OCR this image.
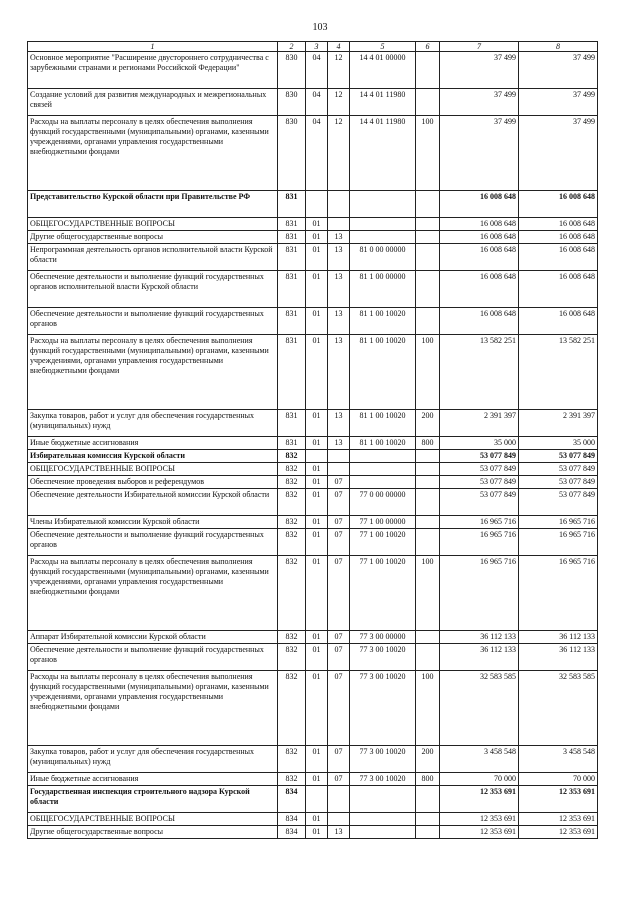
103
1	2	3	4	5	6	7	8
Основное мероприятие "Расширение двустороннего сотрудничества с зарубежными странами и регионами Российской Федерации"	830	04	12	14 4 01 00000		37 499	37 499
Создание условий для развития международных и межрегиональных связей	830	04	12	14 4 01 11980		37 499	37 499
Расходы на выплаты персоналу в целях обеспечения выполнения функций государственными (муниципальными) органами, казенными учреждениями, органами управления государственными внебюджетными фондами	830	04	12	14 4 01 11980	100	37 499	37 499
Представительство Курской области при Правительстве РФ	831					16 008 648	16 008 648
ОБЩЕГОСУДАРСТВЕННЫЕ ВОПРОСЫ	831	01				16 008 648	16 008 648
Другие общегосударственные вопросы	831	01	13			16 008 648	16 008 648
Непрограммная деятельность органов исполнительной власти Курской области	831	01	13	81 0 00 00000		16 008 648	16 008 648
Обеспечение деятельности и выполнение функций государственных органов исполнительной власти Курской области	831	01	13	81 1 00 00000		16 008 648	16 008 648
Обеспечение деятельности и выполнение функций государственных органов	831	01	13	81 1 00 10020		16 008 648	16 008 648
Расходы на выплаты персоналу в целях обеспечения выполнения функций государственными (муниципальными) органами, казенными учреждениями, органами управления государственными внебюджетными фондами	831	01	13	81 1 00 10020	100	13 582 251	13 582 251
Закупка товаров, работ и услуг для обеспечения государственных (муниципальных) нужд	831	01	13	81 1 00 10020	200	2 391 397	2 391 397
Иные бюджетные ассигнования	831	01	13	81 1 00 10020	800	35 000	35 000
Избирательная комиссия Курской области	832					53 077 849	53 077 849
ОБЩЕГОСУДАРСТВЕННЫЕ ВОПРОСЫ	832	01				53 077 849	53 077 849
Обеспечение проведения выборов и референдумов	832	01	07			53 077 849	53 077 849
Обеспечение деятельности Избирательной комиссии Курской области	832	01	07	77 0 00 00000		53 077 849	53 077 849
Члены Избирательной комиссии Курской области	832	01	07	77 1 00 00000		16 965 716	16 965 716
Обеспечение деятельности и выполнение функций государственных органов	832	01	07	77 1 00 10020		16 965 716	16 965 716
Расходы на выплаты персоналу в целях обеспечения выполнения функций государственными (муниципальными) органами, казенными учреждениями, органами управления государственными внебюджетными фондами	832	01	07	77 1 00 10020	100	16 965 716	16 965 716
Аппарат Избирательной комиссии Курской области	832	01	07	77 3 00 00000		36 112 133	36 112 133
Обеспечение деятельности и выполнение функций государственных органов	832	01	07	77 3 00 10020		36 112 133	36 112 133
Расходы на выплаты персоналу в целях обеспечения выполнения функций государственными (муниципальными) органами, казенными учреждениями, органами управления государственными внебюджетными фондами	832	01	07	77 3 00 10020	100	32 583 585	32 583 585
Закупка товаров, работ и услуг для обеспечения государственных (муниципальных) нужд	832	01	07	77 3 00 10020	200	3 458 548	3 458 548
Иные бюджетные ассигнования	832	01	07	77 3 00 10020	800	70 000	70 000
Государственная инспекция строительного надзора Курской области	834					12 353 691	12 353 691
ОБЩЕГОСУДАРСТВЕННЫЕ ВОПРОСЫ	834	01				12 353 691	12 353 691
Другие общегосударственные вопросы	834	01	13			12 353 691	12 353 691
